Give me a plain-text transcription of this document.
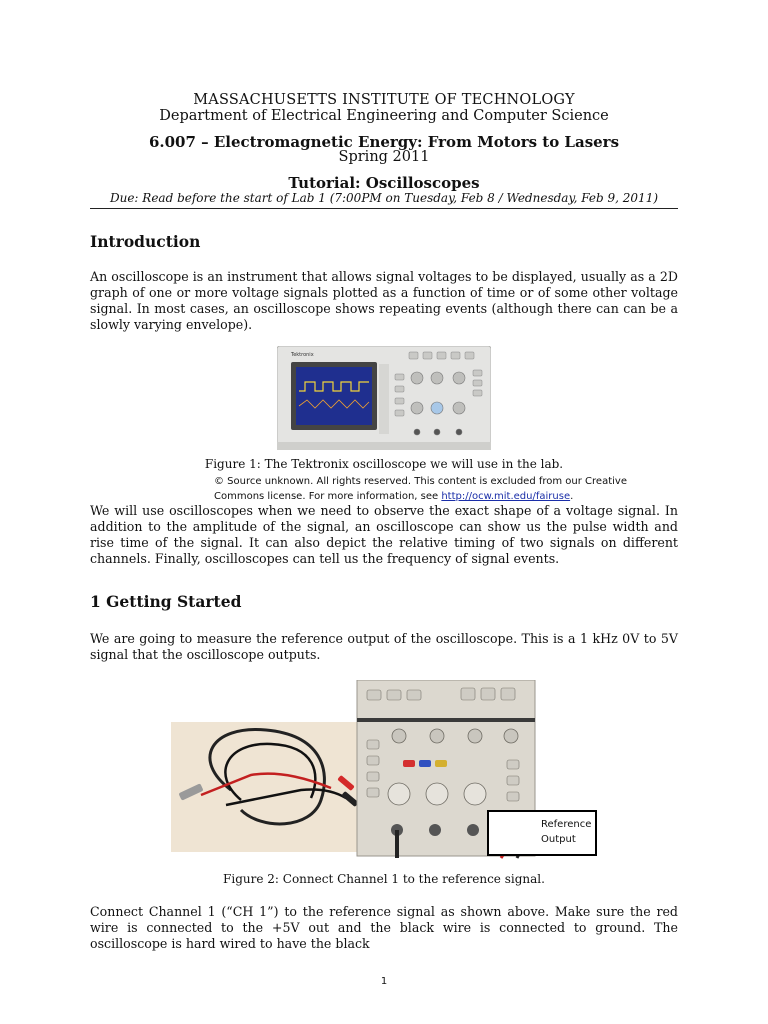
MASSACHUSETTS INSTITUTE OF TECHNOLOGY
Department of Electrical Engineering and Computer Science
6.007 – Electromagnetic Energy: From Motors to Lasers
Spring 2011
Tutorial: Oscilloscopes
Due: Read before the start of Lab 1 (7:00PM on Tuesday, Feb 8 / Wednesday, Feb 9, 2011)
Introduction
An oscilloscope is an instrument that allows signal voltages to be displayed, usually as a 2D graph of one or more voltage signals plotted as a function of time or of some other voltage signal. In most cases, an oscilloscope shows repeating events (although there can can be a slowly varying envelope).
Tektronix
Figure 1: The Tektronix oscilloscope we will use in the lab.
© Source unknown. All rights reserved. This content is excluded from our Creative
Commons license. For more information, see http://ocw.mit.edu/fairuse.
We will use oscilloscopes when we need to observe the exact shape of a voltage signal. In addition to the amplitude of the signal, an oscilloscope can show us the pulse width and rise time of the signal. It can also depict the relative timing of two signals on different channels. Finally, oscilloscopes can tell us the frequency of signal events.
1 Getting Started
We are going to measure the reference output of the oscilloscope. This is a 1 kHz 0V to 5V signal that the oscilloscope outputs.
Reference
Output
Figure 2: Connect Channel 1 to the reference signal.
Connect Channel 1 (“CH 1”) to the reference signal as shown above. Make sure the red wire is connected to the +5V out and the black wire is connected to ground. The oscilloscope is hard wired to have the black
1
